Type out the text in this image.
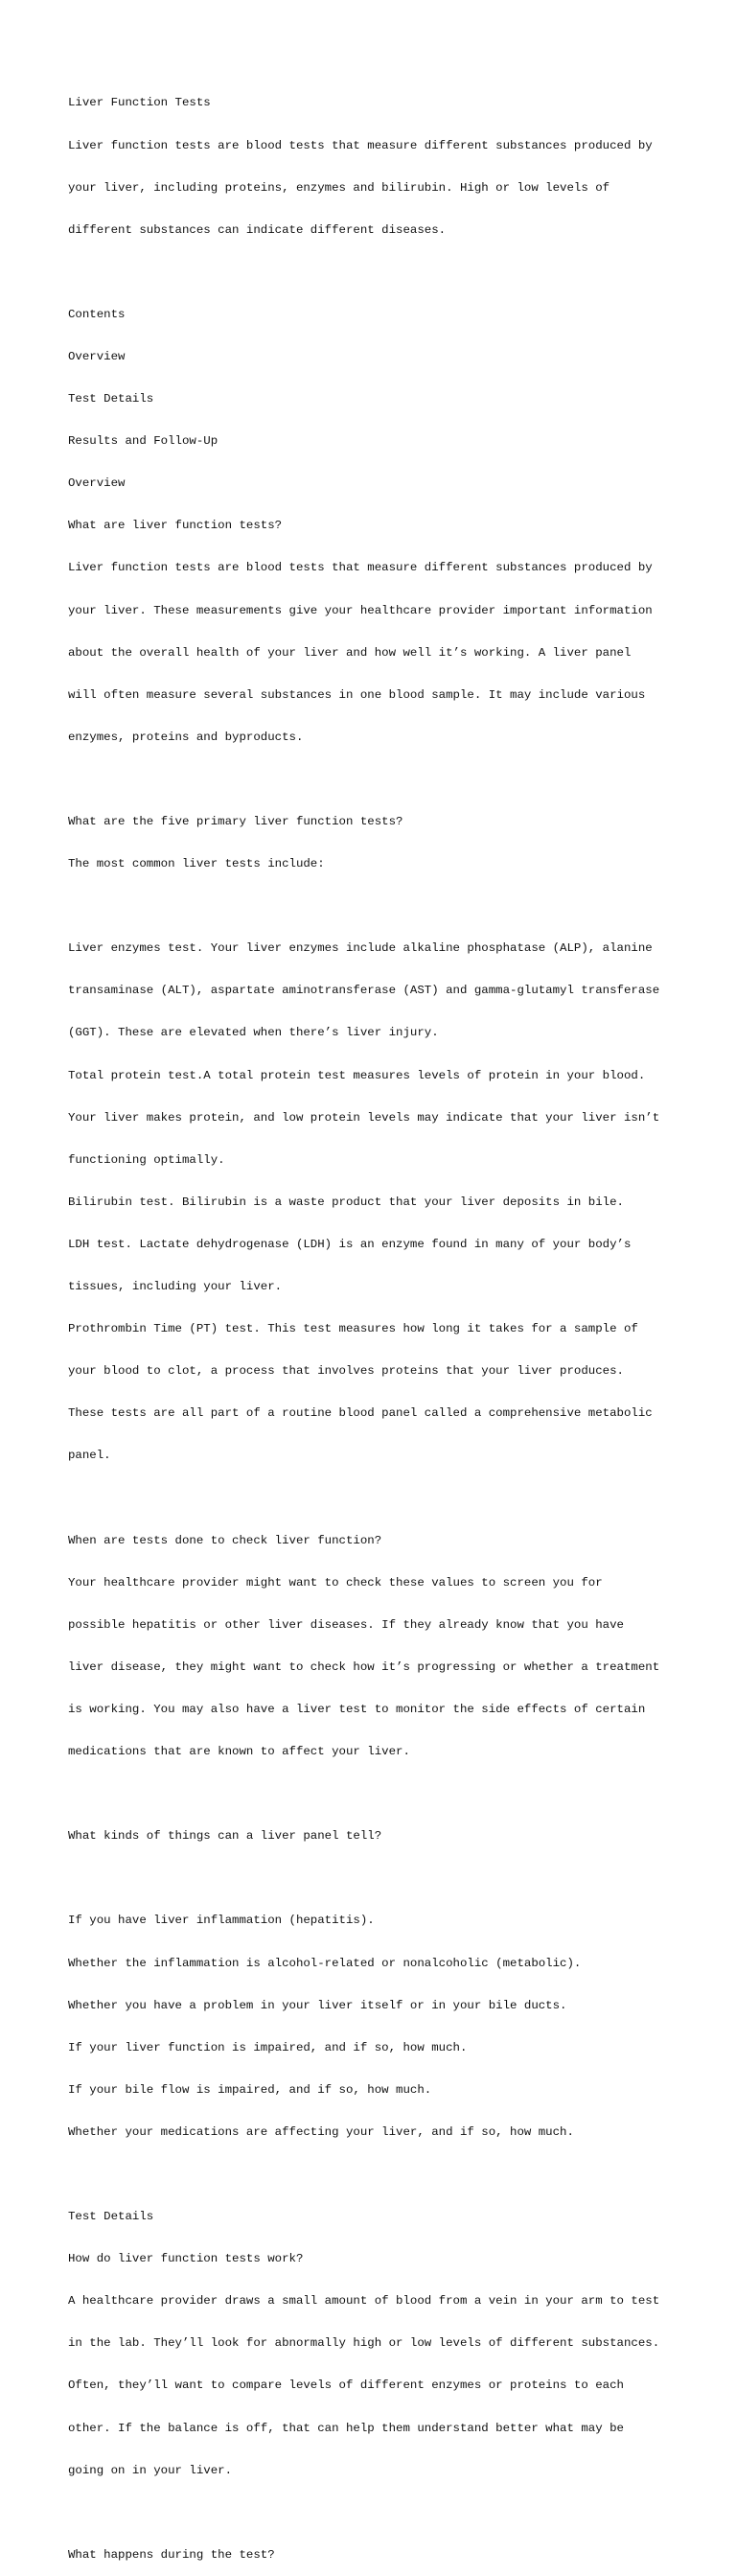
Liver Function Tests

Liver function tests are blood tests that measure different substances produced by

your liver, including proteins, enzymes and bilirubin. High or low levels of

different substances can indicate different diseases.

Contents

Overview

Test Details

Results and Follow-Up

Overview

What are liver function tests?

Liver function tests are blood tests that measure different substances produced by

your liver. These measurements give your healthcare provider important information

about the overall health of your liver and how well it’s working. A liver panel

will often measure several substances in one blood sample. It may include various

enzymes, proteins and byproducts.

What are the five primary liver function tests?

The most common liver tests include:

Liver enzymes test. Your liver enzymes include alkaline phosphatase (ALP), alanine

transaminase (ALT), aspartate aminotransferase (AST) and gamma-glutamyl transferase

(GGT). These are elevated when there’s liver injury.

Total protein test.A total protein test measures levels of protein in your blood.

Your liver makes protein, and low protein levels may indicate that your liver isn’t

functioning optimally.

Bilirubin test. Bilirubin is a waste product that your liver deposits in bile.

LDH test. Lactate dehydrogenase (LDH) is an enzyme found in many of your body’s

tissues, including your liver.

Prothrombin Time (PT) test. This test measures how long it takes for a sample of

your blood to clot, a process that involves proteins that your liver produces.

These tests are all part of a routine blood panel called a comprehensive metabolic

panel.

When are tests done to check liver function?

Your healthcare provider might want to check these values to screen you for

possible hepatitis or other liver diseases. If they already know that you have

liver disease, they might want to check how it’s progressing or whether a treatment

is working. You may also have a liver test to monitor the side effects of certain

medications that are known to affect your liver.

What kinds of things can a liver panel tell?

If you have liver inflammation (hepatitis).

Whether the inflammation is alcohol-related or nonalcoholic (metabolic).

Whether you have a problem in your liver itself or in your bile ducts.

If your liver function is impaired, and if so, how much.

If your bile flow is impaired, and if so, how much.

Whether your medications are affecting your liver, and if so, how much.

Test Details

How do liver function tests work?

A healthcare provider draws a small amount of blood from a vein in your arm to test

in the lab. They’ll look for abnormally high or low levels of different substances.

Often, they’ll want to compare levels of different enzymes or proteins to each

other. If the balance is off, that can help them understand better what may be

going on in your liver.

What happens during the test?
